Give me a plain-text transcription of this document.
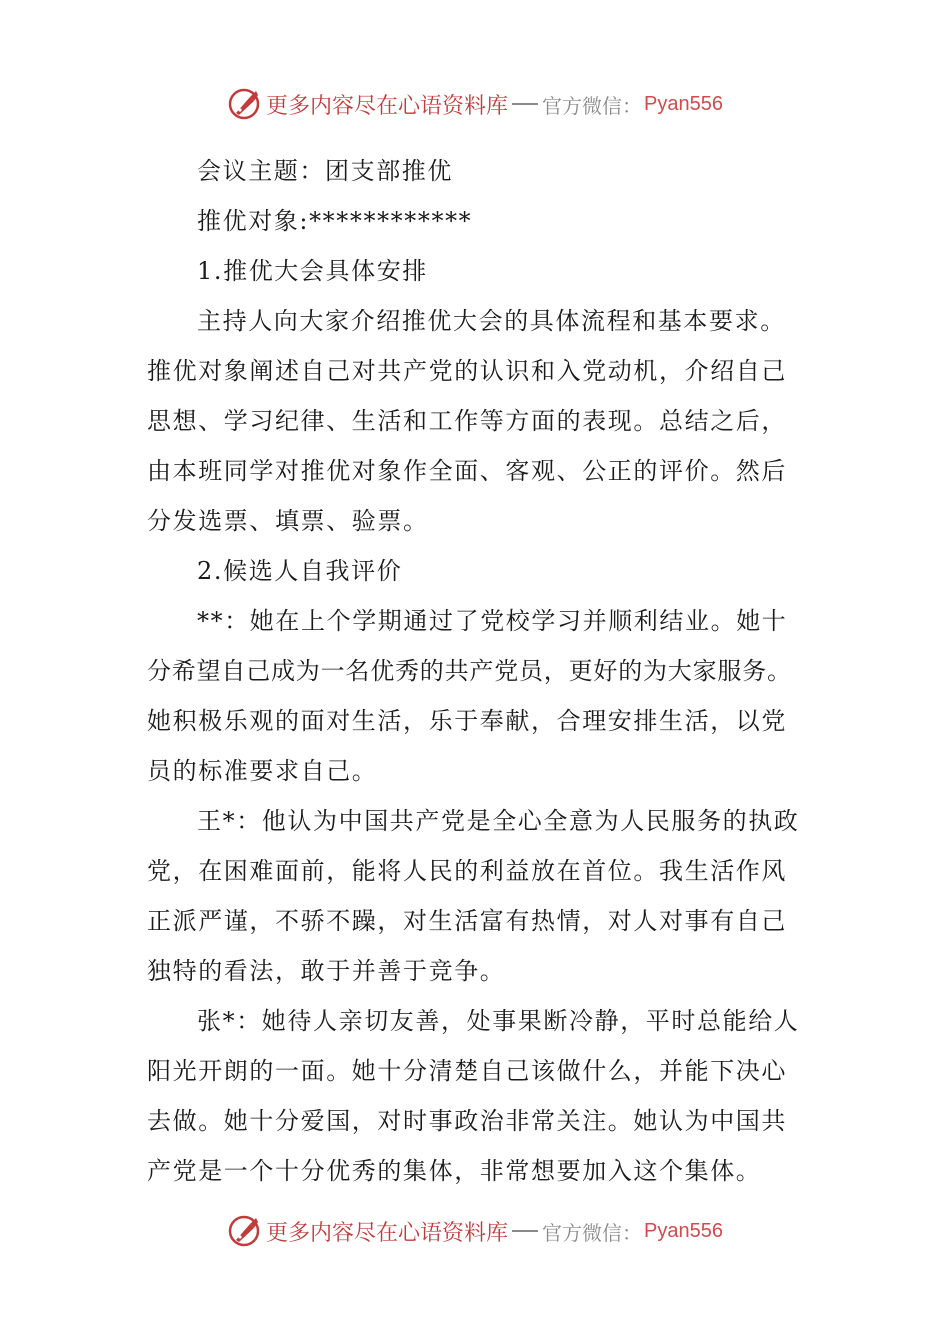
更多内容尽在心语资料库 官方微信： Pyan556
会议主题：团支部推优
推优对象:************
1.推优大会具体安排
主持人向大家介绍推优大会的具体流程和基本要求。
推优对象阐述自己对共产党的认识和入党动机，介绍自己
思想、学习纪律、生活和工作等方面的表现。总结之后，
由本班同学对推优对象作全面、客观、公正的评价。然后
分发选票、填票、验票。
2.候选人自我评价
**：她在上个学期通过了党校学习并顺利结业。她十
分希望自己成为一名优秀的共产党员，更好的为大家服务。
她积极乐观的面对生活，乐于奉献，合理安排生活，以党
员的标准要求自己。
王*：他认为中国共产党是全心全意为人民服务的执政
党，在困难面前，能将人民的利益放在首位。我生活作风
正派严谨，不骄不躁，对生活富有热情，对人对事有自己
独特的看法，敢于并善于竞争。
张*：她待人亲切友善，处事果断冷静，平时总能给人
阳光开朗的一面。她十分清楚自己该做什么，并能下决心
去做。她十分爱国，对时事政治非常关注。她认为中国共
产党是一个十分优秀的集体，非常想要加入这个集体。
更多内容尽在心语资料库 官方微信： Pyan556
